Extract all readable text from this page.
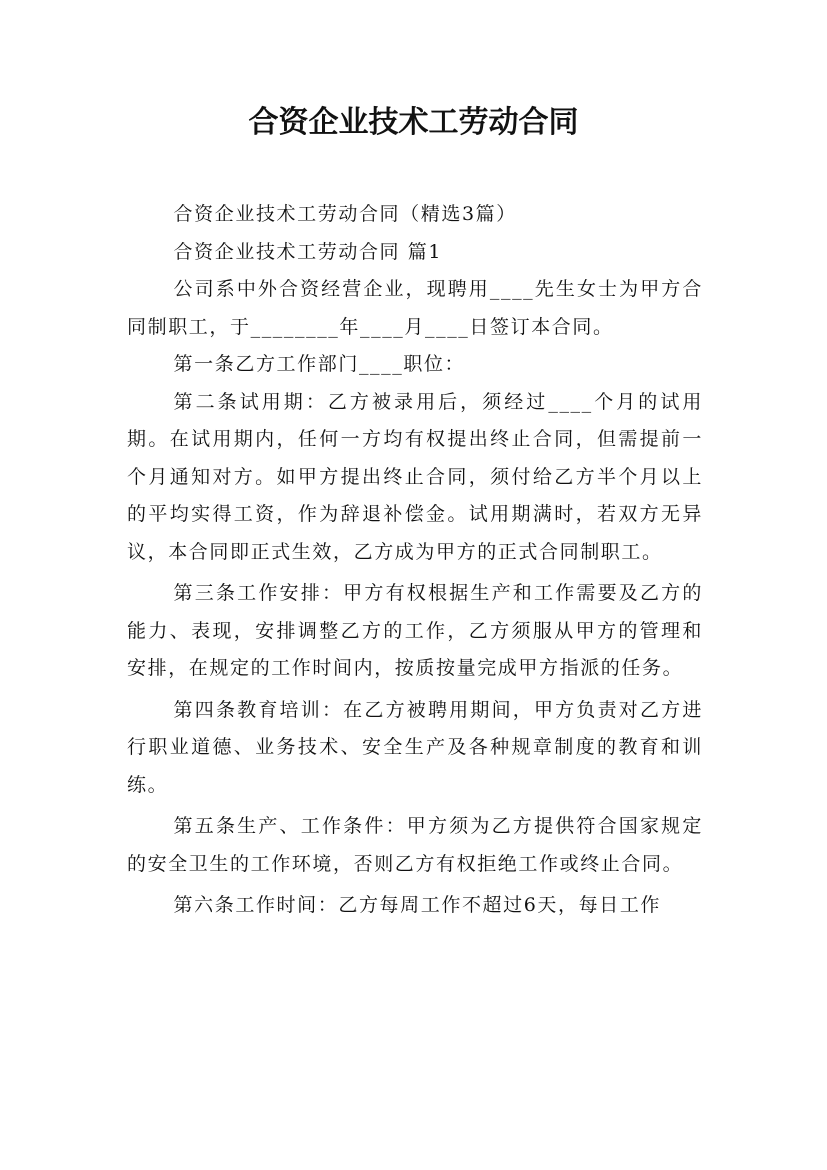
合资企业技术工劳动合同

合资企业技术工劳动合同（精选3篇）

合资企业技术工劳动合同 篇1

公司系中外合资经营企业，现聘用____先生女士为甲方合同制职工，于________年____月____日签订本合同。

第一条乙方工作部门____职位：

第二条试用期：乙方被录用后，须经过____个月的试用期。在试用期内，任何一方均有权提出终止合同，但需提前一个月通知对方。如甲方提出终止合同，须付给乙方半个月以上的平均实得工资，作为辞退补偿金。试用期满时，若双方无异议，本合同即正式生效，乙方成为甲方的正式合同制职工。

第三条工作安排：甲方有权根据生产和工作需要及乙方的能力、表现，安排调整乙方的工作，乙方须服从甲方的管理和安排，在规定的工作时间内，按质按量完成甲方指派的任务。

第四条教育培训：在乙方被聘用期间，甲方负责对乙方进行职业道德、业务技术、安全生产及各种规章制度的教育和训练。

第五条生产、工作条件：甲方须为乙方提供符合国家规定的安全卫生的工作环境，否则乙方有权拒绝工作或终止合同。

第六条工作时间：乙方每周工作不超过6天，每日工作
